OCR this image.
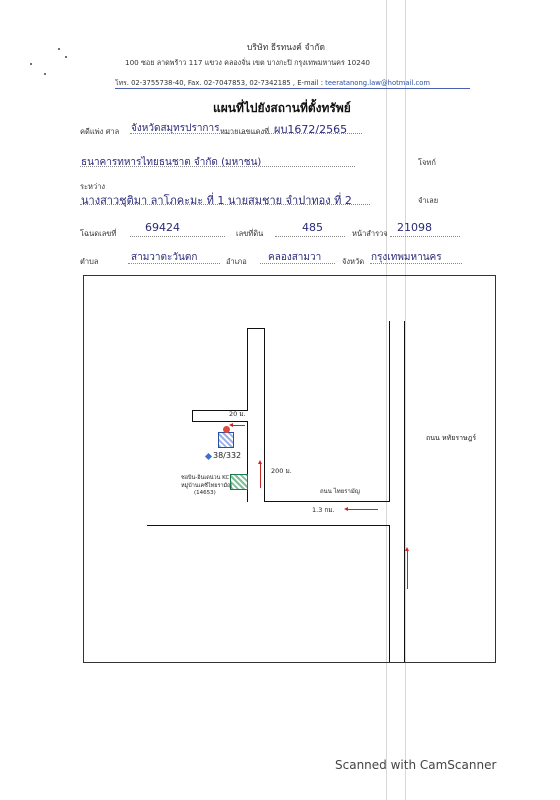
บริษัท ธีรทนงค์ จำกัด
100 ซอย ลาดพร้าว 117 แขวง คลองจั่น เขต บางกะปิ กรุงเทพมหานคร 10240
โทร. 02-3755738-40, Fax. 02-7047853, 02-7342185 , E-mail : teeratanong.law@hotmail.com
แผนที่ไปยังสถานที่ตั้งทรัพย์
คดีแพ่ง ศาล จังหวัดสมุทรปราการ หมายเลขแดงที่ ผบ1672/2565
ธนาคารทหารไทยธนชาต จำกัด (มหาชน)	โจทก์
ระหว่าง
นางสาวชุติมา ลาโภคะมะ ที่ 1 นายสมชาย จำปาทอง ที่ 2	จำเลย
โฉนดเลขที่	69424	เลขที่ดิน	485	หน้าสำรวจ 21098
ตำบล	สามวาตะวันตก	อำเภอ คลองสามวา	จังหวัด กรุงเทพมหานคร
38/332
ชอบิน-อินเดน่วน KC
หมู่บ้านเคซีไทยรามัญ
(14653)
20 ม.
200 ม.
ถนน ไทยรามัญ
ถนน หทัยราษฎร์
1.3 กม.
Scanned with CamScanner
